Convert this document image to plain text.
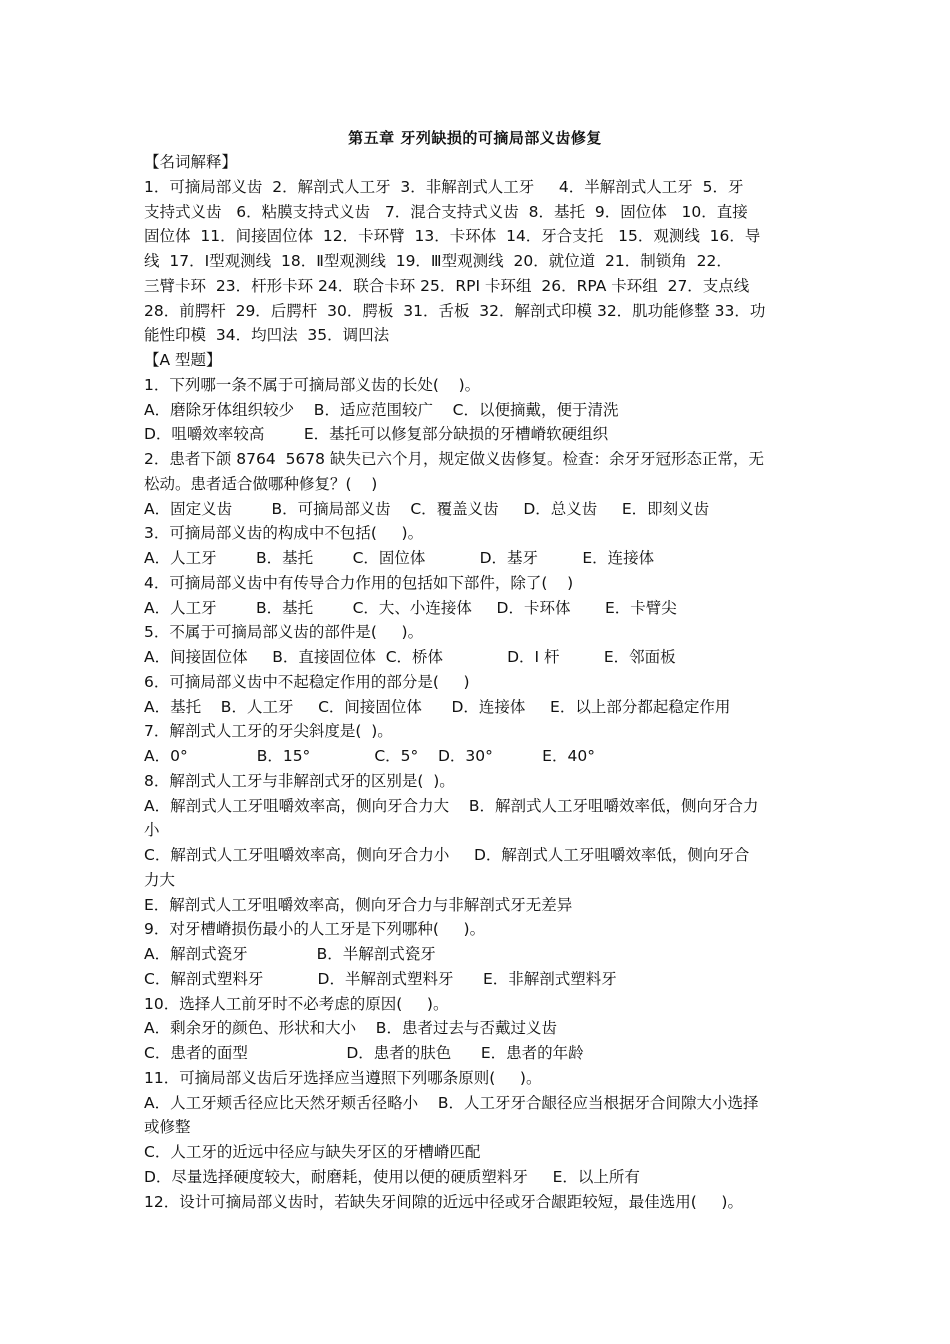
第五章 牙列缺损的可摘局部义齿修复

【名词解释】

1．可摘局部义齿  2．解剖式人工牙  3．非解剖式人工牙     4．半解剖式人工牙  5．牙

支持式义齿   6．粘膜支持式义齿   7．混合支持式义齿  8．基托  9．固位体   10．直接

固位体  11．间接固位体  12．卡环臂  13．卡环体  14．牙合支托   15．观测线  16．导

线  17．Ⅰ型观测线  18．Ⅱ型观测线  19．Ⅲ型观测线  20．就位道  21．制锁角  22．

三臂卡环  23．杆形卡环 24．联合卡环 25．RPI 卡环组  26．RPA 卡环组  27．支点线

28．前腭杆  29．后腭杆  30．腭板  31．舌板  32．解剖式印模 32．肌功能修整 33．功

能性印模  34．均凹法  35．调凹法

【A 型题】

1．下列哪一条不属于可摘局部义齿的长处(    )。

A．磨除牙体组织较少    B．适应范围较广    C．以便摘戴，便于清洗

D．咀嚼效率较高        E．基托可以修复部分缺损的牙槽嵴软硬组织

2．患者下颌 8764  5678 缺失已六个月，规定做义齿修复。检查：余牙牙冠形态正常，无

松动。患者适合做哪种修复？(    )

A．固定义齿        B．可摘局部义齿    C．覆盖义齿     D．总义齿     E．即刻义齿

3．可摘局部义齿的构成中不包括(     )。

A．人工牙        B．基托        C．固位体           D．基牙         E．连接体

4．可摘局部义齿中有传导合力作用的包括如下部件，除了(    )

A．人工牙        B．基托        C．大、小连接体     D．卡环体       E．卡臂尖

5．不属于可摘局部义齿的部件是(     )。

A．间接固位体     B．直接固位体  C．桥体             D．I 杆         E．邻面板

6．可摘局部义齿中不起稳定作用的部分是(     )

A．基托    B．人工牙     C．间接固位体      D．连接体     E．以上部分都起稳定作用

7．解剖式人工牙的牙尖斜度是(  )。

A．0°              B．15°             C．5°    D．30°          E．40°

8．解剖式人工牙与非解剖式牙的区别是(  )。

A．解剖式人工牙咀嚼效率高，侧向牙合力大    B．解剖式人工牙咀嚼效率低，侧向牙合力

小

C．解剖式人工牙咀嚼效率高，侧向牙合力小     D．解剖式人工牙咀嚼效率低，侧向牙合

力大

E．解剖式人工牙咀嚼效率高，侧向牙合力与非解剖式牙无差异

9．对牙槽嵴损伤最小的人工牙是下列哪种(     )。

A．解剖式瓷牙              B．半解剖式瓷牙

C．解剖式塑料牙           D．半解剖式塑料牙      E．非解剖式塑料牙

10．选择人工前牙时不必考虑的原因(     )。

A．剩余牙的颜色、形状和大小    B．患者过去与否戴过义齿

C．患者的面型                    D．患者的肤色      E．患者的年龄

11．可摘局部义齿后牙选择应当遵照下列哪条原则(     )。

A．人工牙颊舌径应比天然牙颊舌径略小    B．人工牙牙合龈径应当根据牙合间隙大小选择

或修整

C．人工牙的近远中径应与缺失牙区的牙槽嵴匹配

D．尽量选择硬度较大，耐磨耗，使用以便的硬质塑料牙     E．以上所有

12．设计可摘局部义齿时，若缺失牙间隙的近远中径或牙合龈距较短，最佳选用(     )。
